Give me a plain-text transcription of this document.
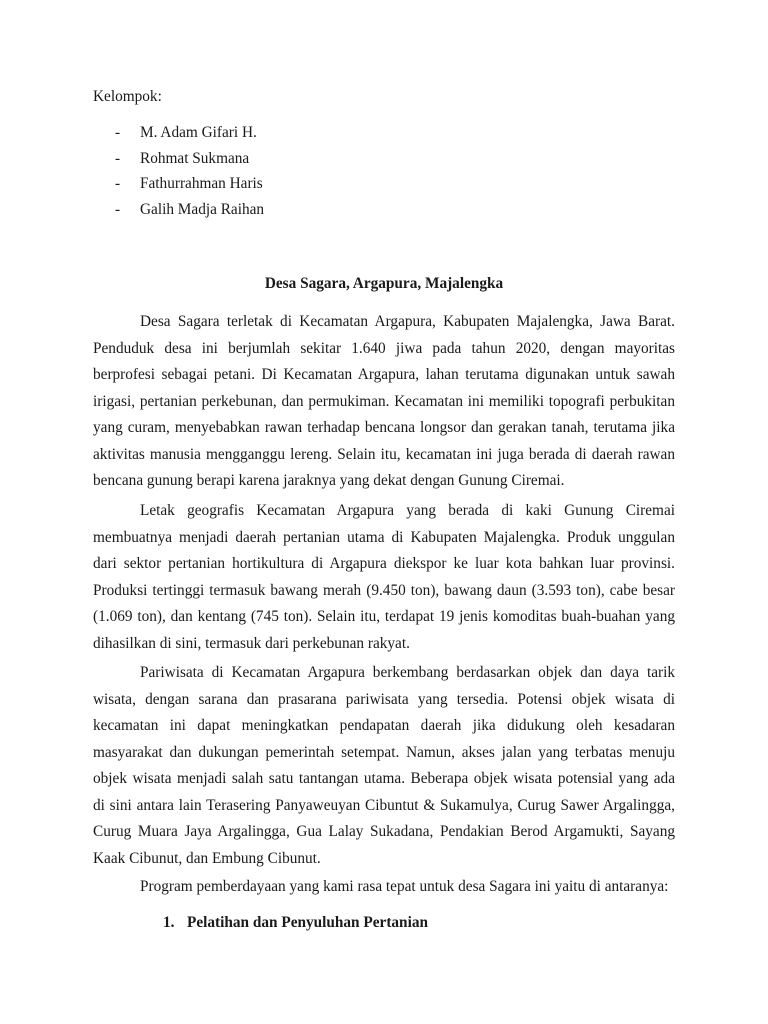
Kelompok:
-	M. Adam Gifari H.
-	Rohmat Sukmana
-	Fathurrahman Haris
-	Galih Madja Raihan
Desa Sagara, Argapura, Majalengka
Desa Sagara terletak di Kecamatan Argapura, Kabupaten Majalengka, Jawa Barat.
Penduduk desa ini berjumlah sekitar 1.640 jiwa pada tahun 2020, dengan mayoritas
berprofesi sebagai petani. Di Kecamatan Argapura, lahan terutama digunakan untuk sawah
irigasi, pertanian perkebunan, dan permukiman. Kecamatan ini memiliki topografi perbukitan
yang curam, menyebabkan rawan terhadap bencana longsor dan gerakan tanah, terutama jika
aktivitas manusia mengganggu lereng. Selain itu, kecamatan ini juga berada di daerah rawan
bencana gunung berapi karena jaraknya yang dekat dengan Gunung Ciremai.
Letak geografis Kecamatan Argapura yang berada di kaki Gunung Ciremai
membuatnya menjadi daerah pertanian utama di Kabupaten Majalengka. Produk unggulan
dari sektor pertanian hortikultura di Argapura diekspor ke luar kota bahkan luar provinsi.
Produksi tertinggi termasuk bawang merah (9.450 ton), bawang daun (3.593 ton), cabe besar
(1.069 ton), dan kentang (745 ton). Selain itu, terdapat 19 jenis komoditas buah-buahan yang
dihasilkan di sini, termasuk dari perkebunan rakyat.
Pariwisata di Kecamatan Argapura berkembang berdasarkan objek dan daya tarik
wisata, dengan sarana dan prasarana pariwisata yang tersedia. Potensi objek wisata di
kecamatan ini dapat meningkatkan pendapatan daerah jika didukung oleh kesadaran
masyarakat dan dukungan pemerintah setempat. Namun, akses jalan yang terbatas menuju
objek wisata menjadi salah satu tantangan utama. Beberapa objek wisata potensial yang ada
di sini antara lain Terasering Panyaweuyan Cibuntut & Sukamulya, Curug Sawer Argalingga,
Curug Muara Jaya Argalingga, Gua Lalay Sukadana, Pendakian Berod Argamukti, Sayang
Kaak Cibunut, dan Embung Cibunut.
Program pemberdayaan yang kami rasa tepat untuk desa Sagara ini yaitu di antaranya:
1. Pelatihan dan Penyuluhan Pertanian
